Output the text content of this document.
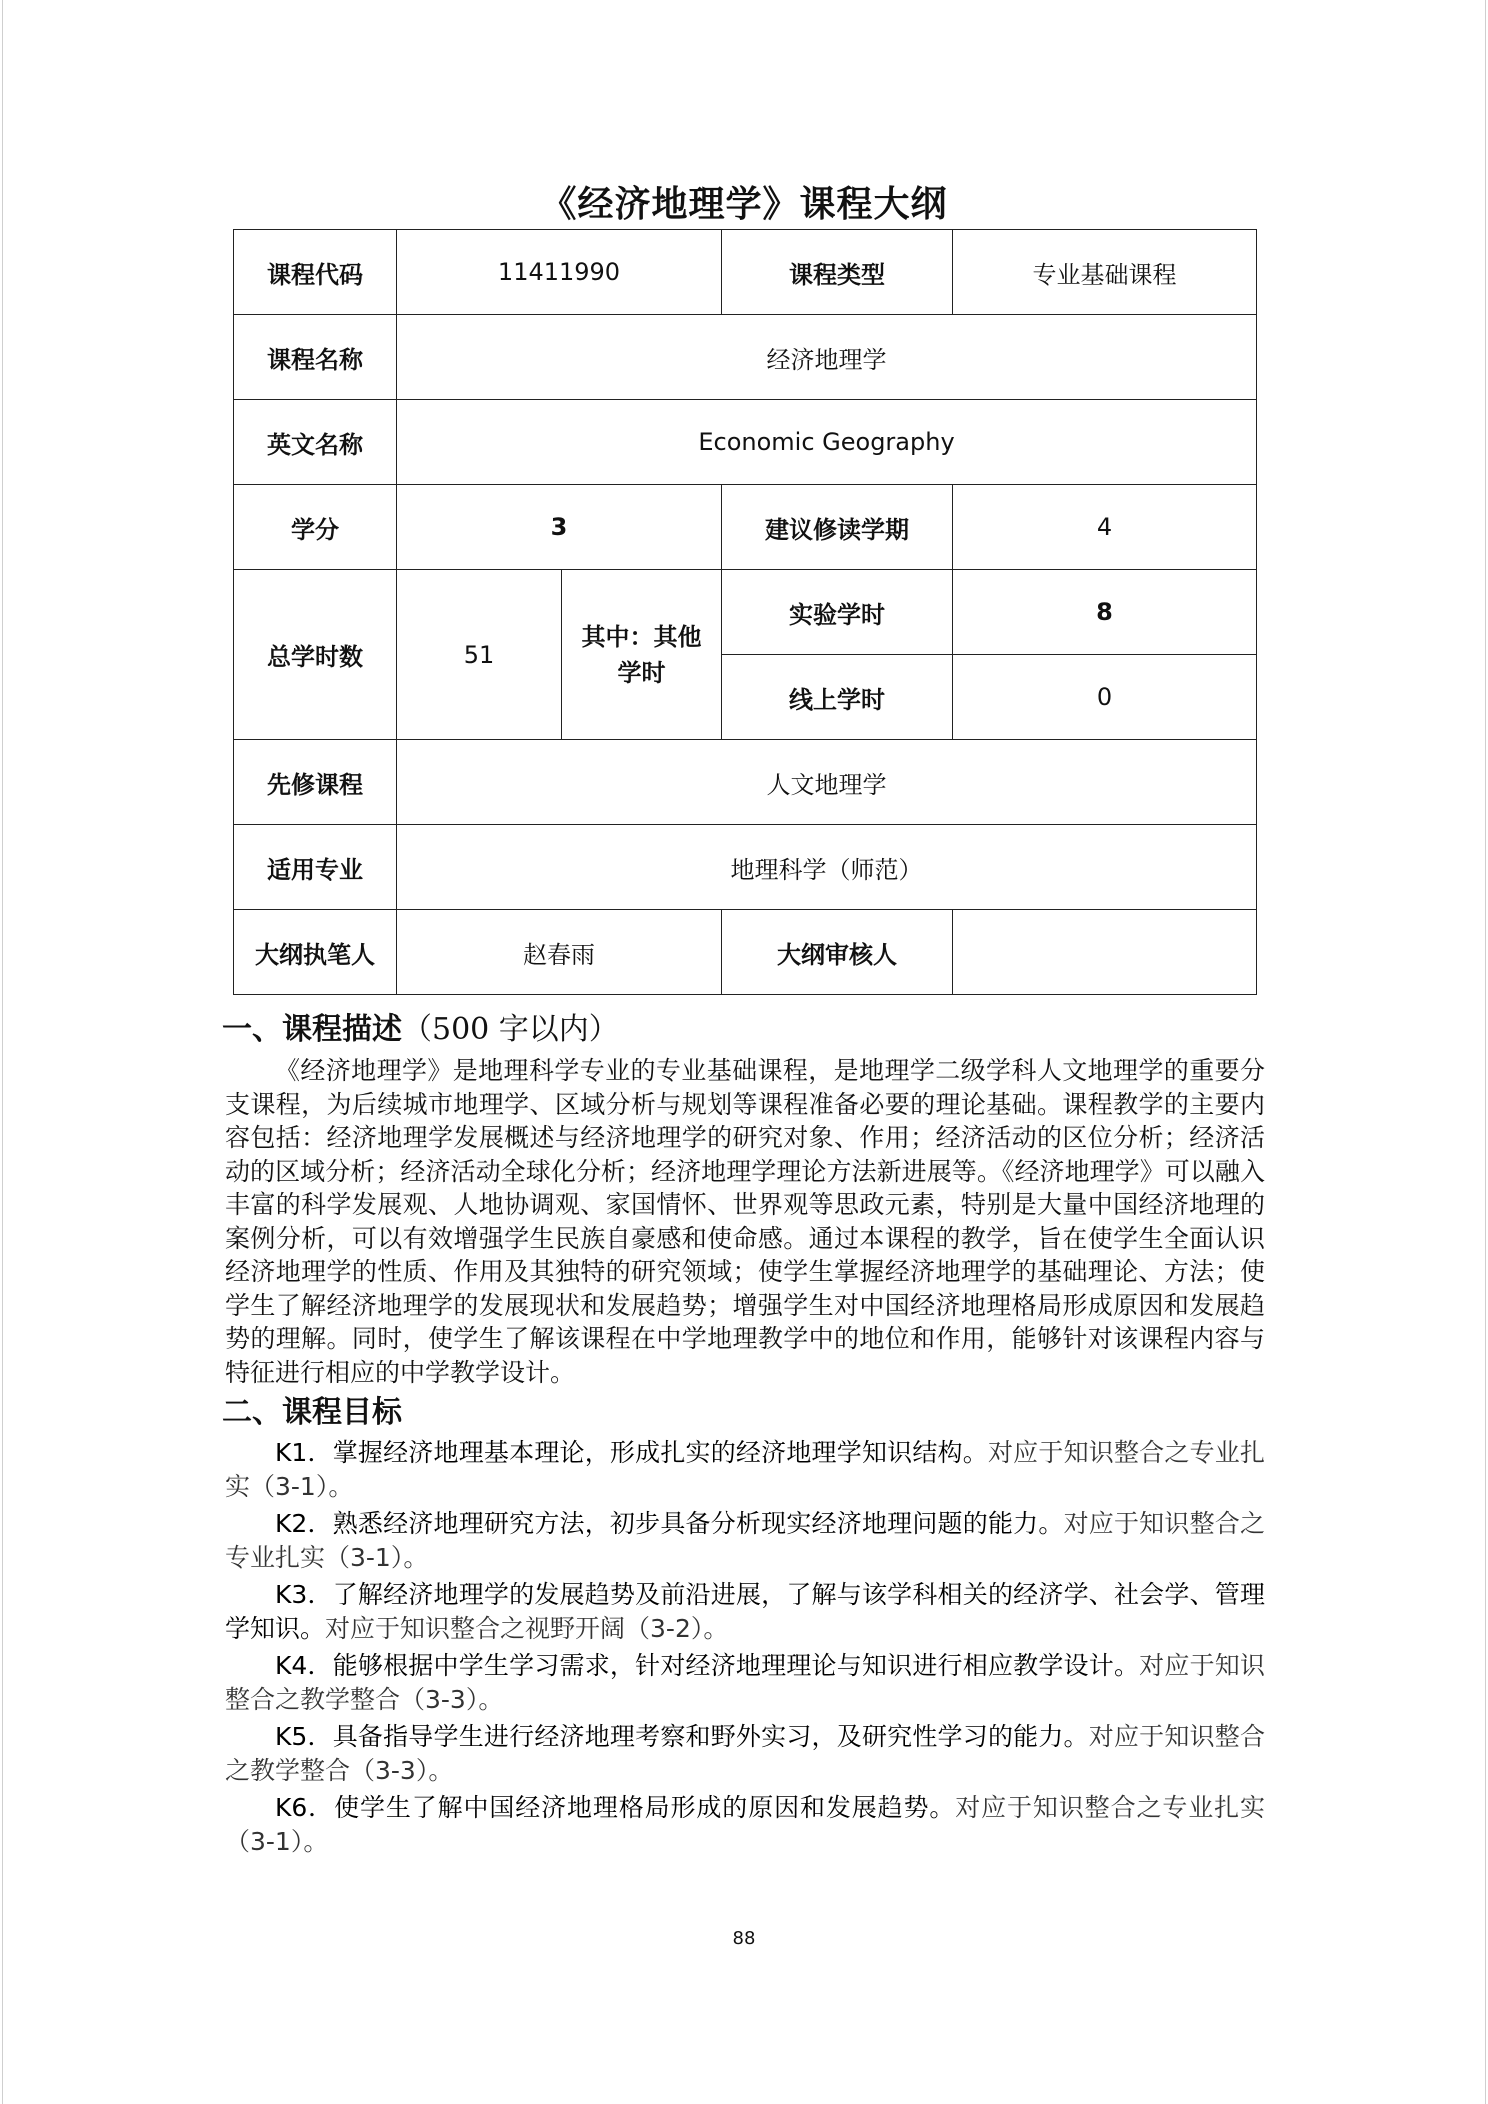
《经济地理学》课程大纲
课程代码	11411990		课程类型	专业基础课程
课程名称	经济地理学			
英文名称	Economic Geography			
学分	3		建议修读学期	4
总学时数	51	其中：其他学时	实验学时	8
			线上学时	0
先修课程	人文地理学			
适用专业	地理科学（师范）			
大纲执笔人	赵春雨		大纲审核人	
一、课程描述（500 字以内）

《经济地理学》是地理科学专业的专业基础课程，是地理学二级学科人文地理学的重要分支课程，为后续城市地理学、区域分析与规划等课程准备必要的理论基础。课程教学的主要内容包括：经济地理学发展概述与经济地理学的研究对象、作用；经济活动的区位分析；经济活动的区域分析；经济活动全球化分析；经济地理学理论方法新进展等。《经济地理学》可以融入丰富的科学发展观、人地协调观、家国情怀、世界观等思政元素，特别是大量中国经济地理的案例分析，可以有效增强学生民族自豪感和使命感。通过本课程的教学，旨在使学生全面认识经济地理学的性质、作用及其独特的研究领域；使学生掌握经济地理学的基础理论、方法；使学生了解经济地理学的发展现状和发展趋势；增强学生对中国经济地理格局形成原因和发展趋势的理解。同时，使学生了解该课程在中学地理教学中的地位和作用，能够针对该课程内容与特征进行相应的中学教学设计。

二、课程目标

K1．掌握经济地理基本理论，形成扎实的经济地理学知识结构。对应于知识整合之专业扎实（3-1）。

K2．熟悉经济地理研究方法，初步具备分析现实经济地理问题的能力。对应于知识整合之专业扎实（3-1）。

K3．了解经济地理学的发展趋势及前沿进展，了解与该学科相关的经济学、社会学、管理学知识。对应于知识整合之视野开阔（3-2）。

K4．能够根据中学生学习需求，针对经济地理理论与知识进行相应教学设计。对应于知识整合之教学整合（3-3）。

K5．具备指导学生进行经济地理考察和野外实习，及研究性学习的能力。对应于知识整合之教学整合（3-3）。

K6．使学生了解中国经济地理格局形成的原因和发展趋势。对应于知识整合之专业扎实（3-1）。

88
